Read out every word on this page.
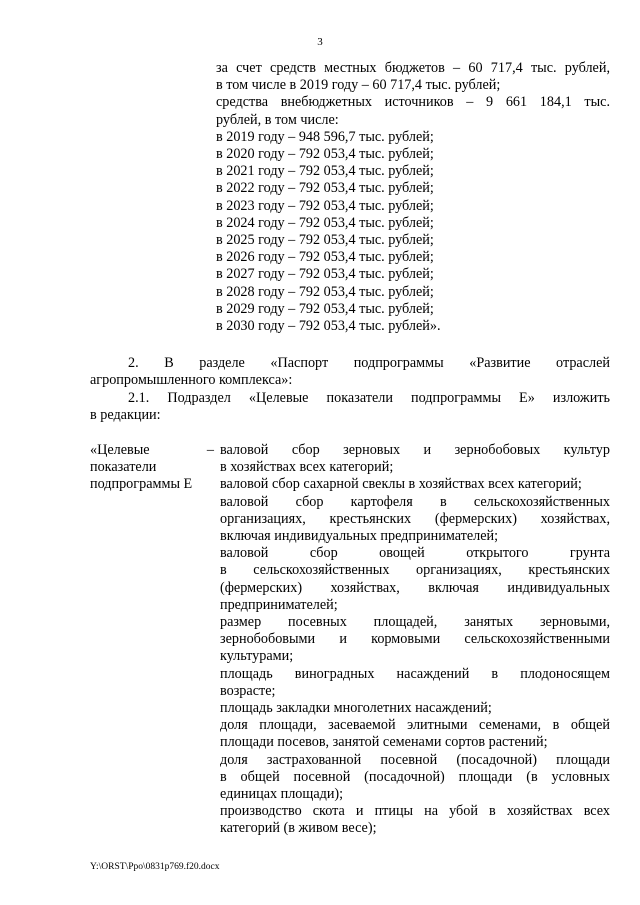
3
за счет средств местных бюджетов – 60 717,4 тыс. рублей,
в том числе в 2019 году – 60 717,4 тыс. рублей;
средства внебюджетных источников – 9 661 184,1 тыс.
рублей, в том числе:
в 2019 году – 948 596,7 тыс. рублей;
в 2020 году – 792 053,4 тыс. рублей;
в 2021 году – 792 053,4 тыс. рублей;
в 2022 году – 792 053,4 тыс. рублей;
в 2023 году – 792 053,4 тыс. рублей;
в 2024 году – 792 053,4 тыс. рублей;
в 2025 году – 792 053,4 тыс. рублей;
в 2026 году – 792 053,4 тыс. рублей;
в 2027 году – 792 053,4 тыс. рублей;
в 2028 году – 792 053,4 тыс. рублей;
в 2029 году – 792 053,4 тыс. рублей;
в 2030 году – 792 053,4 тыс. рублей».
2. В разделе «Паспорт подпрограммы «Развитие отраслей
агропромышленного комплекса»:
2.1. Подраздел «Целевые показатели подпрограммы Е» изложить
в редакции:
«Целевые	–
показатели
подпрограммы Е
валовой сбор зерновых и зернобобовых культур
в хозяйствах всех категорий;
валовой сбор сахарной свеклы в хозяйствах всех категорий;
валовой сбор картофеля в сельскохозяйственных
организациях, крестьянских (фермерских) хозяйствах,
включая индивидуальных предпринимателей;
валовой сбор овощей открытого грунта
в сельскохозяйственных организациях, крестьянских
(фермерских) хозяйствах, включая индивидуальных
предпринимателей;
размер посевных площадей, занятых зерновыми,
зернобобовыми и кормовыми сельскохозяйственными
культурами;
площадь виноградных насаждений в плодоносящем
возрасте;
площадь закладки многолетних насаждений;
доля площади, засеваемой элитными семенами, в общей
площади посевов, занятой семенами сортов растений;
доля застрахованной посевной (посадочной) площади
в общей посевной (посадочной) площади (в условных
единицах площади);
производство скота и птицы на убой в хозяйствах всех
категорий (в живом весе);
Y:\ORST\Ppo\0831p769.f20.docx
